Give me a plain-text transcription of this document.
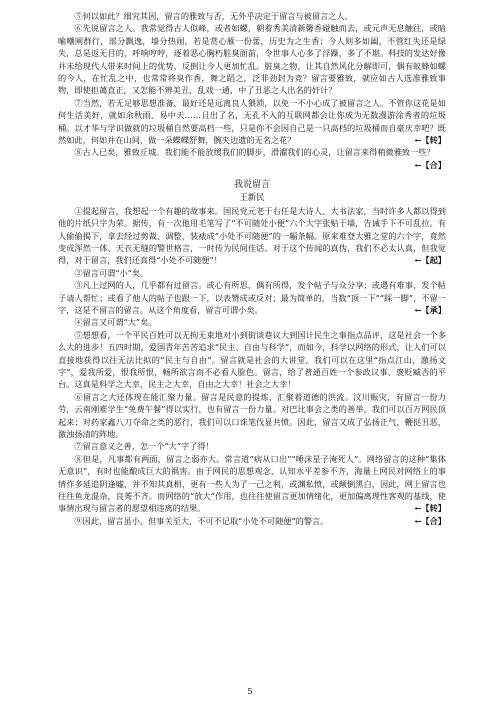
⑤何以如此？细究其因，留言的雅致与否，无外乎决定于留言与被留言之人。

⑥先说留言之人。我常觉得古人似峰，或者如螺，朝着秀美清新馨香碰触而去，或元声无息触往，或暗喻嘲阐群行，部分飘逸，墙分热闹，若是赏心雁一份蕾，历史为之生香；今人则多如阖，不管红失还是绿失，总是返无目的，呼响哼哼，逐着恶心胸朽脏臭面前，令世事人心多了浮躁，多了不堪。科技的发达好像并未给现代人带来时间上的优势，反倒让今人更加忙乱。脏臭之物，让其自然风化分解即可，偶有蚁蜂如螺的今人，在忙乱之中，也常常将臭作香，舞之蹈之，泛非劲封为竞？留言要雅致，就应如古人选准雅致事物，即使拒蔼直正，又怎能不辨美丑，乱戏一通，中了丑恶之人出名的奸计？

⑦当然，若无足够思想准备，最好还是远离良人猥琐，以免一不小心成了被留言之人。不管你这花是如何生活美好，就如余秋雨、易中天……且出了名，无孔不入的互联网都会让你成为无数漫游涂秀者的垃圾桶。以才华与学识做就的垃圾桶自然要高档一些，只是你不会因自己是一只高档的垃圾桶而自豪庆幸吧？既然如此，何如并在山间，做一朵蝶蝶舒舞，腕夹边遗的无名之花？	←【转】

⑧古人已矣，雅致丘墟。我们能不能放缓我们的脚步，滑濯我们的心灵，让留言来得稍微雅致一些？
←【合】

我说留言

王新民

①提起留言，我想起一个有趣的故事来。国民党元老于右任是大诗人、大书法家，当时许多人都以得到他的片纸只字为荣。据传，有一次他用毛笔写了“不可随处小便”六个大字张贴于墙，告诫手下不可乱拉。有人偷偷揭下，拿去经过剪裁、调整，装裱成“小处不可随便”的一幅条幅。原来难登大雅之堂的六个字，竟然变成浑然一体、天衣无缝的警世格言，一时传为民间佳话。对于这个传闻的真伪，我们不必太认真，但我觉得，对于留言，我们还真得“小处不可随便”！	←【起】

②留言可谓“小”矣。

③凡上过网的人，几乎都有过留言。或心有所思，偶有所得，发个帖子与众分享；或遇有难事，发个帖子请人帮忙；或看了他人的帖子也跟一下，以表赞成或反对；最为简单的，当数“顶一下”“踩一脚”，不留一字，这是不留言的留言。从这个角度看，留言可谓小矣。	←【承】

④留言又可谓“大”矣。

⑤想想看，一个平民百姓可以无拘无束地对小到街谈巷议大到国计民生之事指点品评，这是社会一个多么大的进步！五四时期，爱国青年苦苦追求“民主、自由与科学”，而如今，科学以网络的形式，让人们可以直接地获得以往无法比拟的“民主与自由”。留言就是社会的大讲堂，我们可以在这里“指点江山，激扬文字”，爱我所爱，恨我所恨，畅所欲言而不必看人脸色。留言，给了普通百姓一个参政议事、褒贬臧否的平台。这真是科学之大幸，民主之大幸，自由之大幸！社会之大幸！

⑥留言之大还体现在能汇聚力量。留言是民意的提炼，汇聚着道德的洪流。汶川赈灾，有留言一份力劳，云南刚难学生“免费午餐”得以实行，也有留言一份力量。对巴比事会之类的善举，我们可以百万网民顶起来；对药家鑫八刀夺命之类的恶行，我们可以口诛笔伐显共愤。因此，留言又成了弘扬正气，鞭挞丑恶，激浊扬清的阵地。

⑦留言意义之善，怎一个“大”字了得！

⑧但是，凡事都有两面，留言之弱亦大。常言道“病从口出”“唾沫星子淹死人”。网络留言的这种“集体无意识”，有时也能酿成巨大的祸害。由于网民的思想观念、认知水平差参不齐，海量上网民对网络上的事情作多延追阴逢嘘，并不知其真相，更有一些人为了一己之利，或渊私愤，或颠倒黑白，因此，网上留言也往往鱼龙混杂，良莠不齐。而网络的“放大”作用，也往往使留言更加情绪化，更加偏离理性客观的基线，使事情出现与留言者的愿望相违离的结果。	←【转】

⑨因此，留言虽小，但事关至大，不可不记取“小处不可随便”的警言。	←【合】

5
